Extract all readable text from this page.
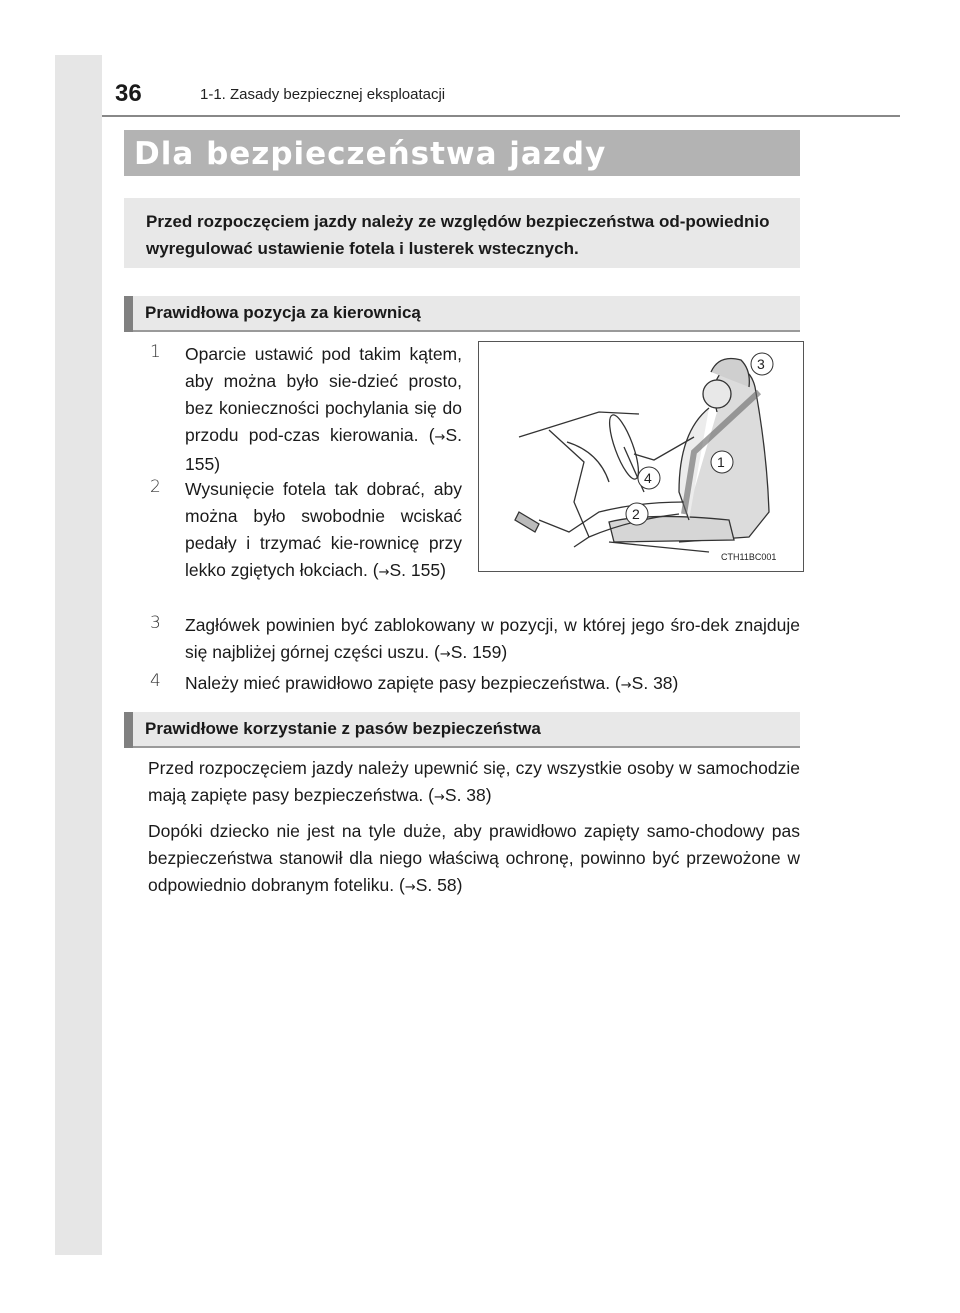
36	1-1. Zasady bezpiecznej eksploatacji
Dla bezpieczeństwa jazdy
Przed rozpoczęciem jazdy należy ze względów bezpieczeństwa od-powiednio wyregulować ustawienie fotela i lusterek wstecznych.
Prawidłowa pozycja za kierownicą
1 Oparcie ustawić pod takim kątem, aby można było sie-dzieć prosto, bez konieczności pochylania się do przodu pod-czas kierowania. (→S. 155)
2 Wysunięcie fotela tak dobrać, aby można było swobodnie wciskać pedały i trzymać kie-rownicę przy lekko zgiętych łokciach. (→S. 155)
3 Zagłówek powinien być zablokowany w pozycji, w której jego śro-dek znajduje się najbliżej górnej części uszu. (→S. 159)
4 Należy mieć prawidłowo zapięte pasy bezpieczeństwa. (→S. 38)
3
1
4
2
CTH11BC001
Prawidłowe korzystanie z pasów bezpieczeństwa
Przed rozpoczęciem jazdy należy upewnić się, czy wszystkie osoby w samochodzie mają zapięte pasy bezpieczeństwa. (→S. 38)
Dopóki dziecko nie jest na tyle duże, aby prawidłowo zapięty samo-chodowy pas bezpieczeństwa stanowił dla niego właściwą ochronę, powinno być przewożone w odpowiednio dobranym foteliku. (→S. 58)
